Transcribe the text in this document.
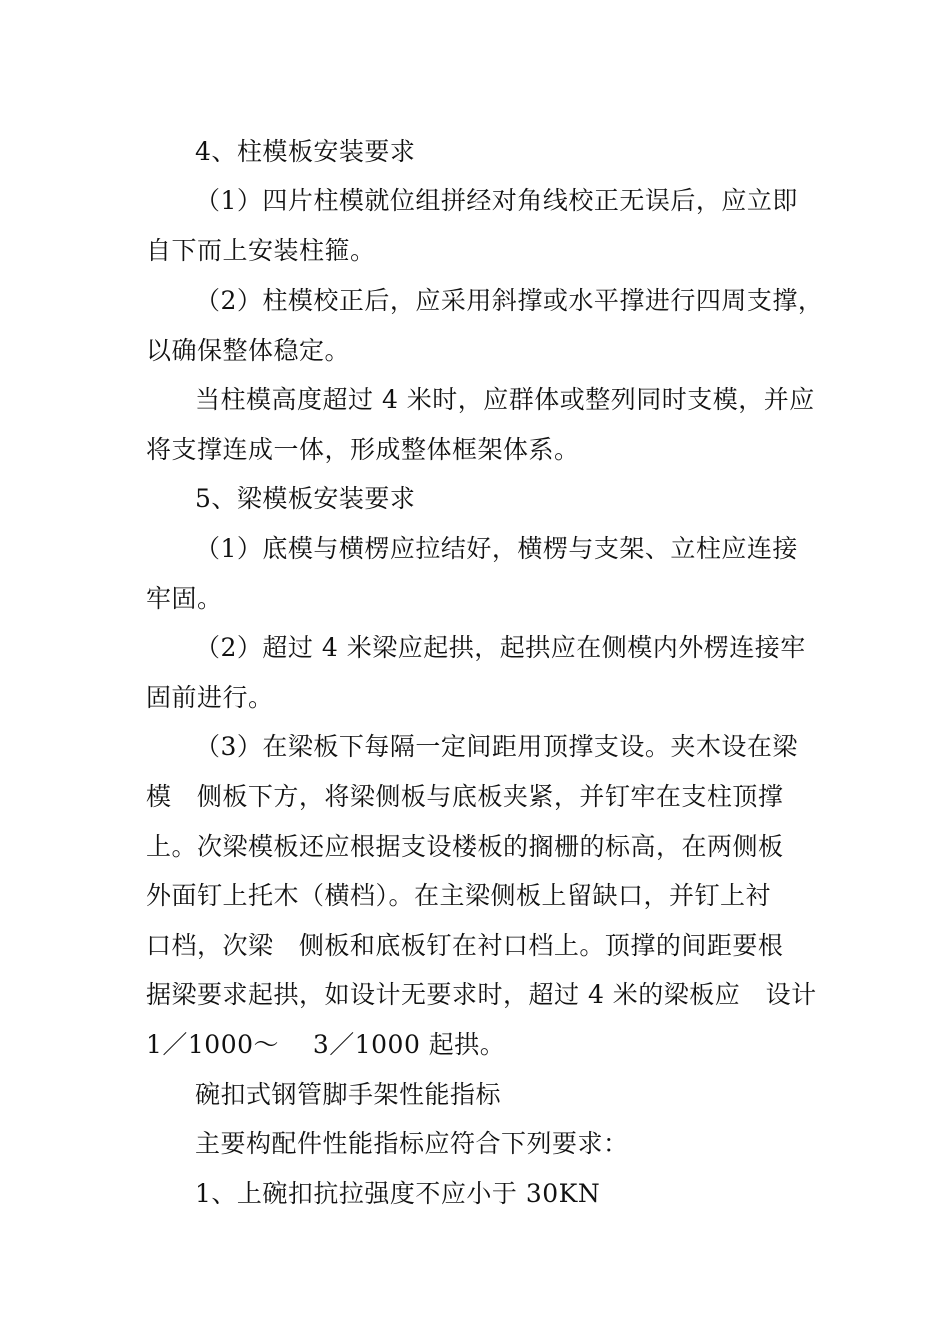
4、柱模板安装要求
（1）四片柱模就位组拼经对角线校正无误后，应立即
自下而上安装柱箍。
（2）柱模校正后，应采用斜撑或水平撑进行四周支撑，
以确保整体稳定。
当柱模高度超过 4 米时，应群体或整列同时支模，并应
将支撑连成一体，形成整体框架体系。
5、梁模板安装要求
（1）底模与横楞应拉结好，横楞与支架、立柱应连接
牢固。
（2）超过 4 米梁应起拱，起拱应在侧模内外楞连接牢
固前进行。
（3）在梁板下每隔一定间距用顶撑支设。夹木设在梁
模   侧板下方，将梁侧板与底板夹紧，并钉牢在支柱顶撑
上。次梁模板还应根据支设楼板的搁栅的标高，在两侧板
外面钉上托木（横档）。在主梁侧板上留缺口，并钉上衬
口档，次梁   侧板和底板钉在衬口档上。顶撑的间距要根
据梁要求起拱，如设计无要求时，超过 4 米的梁板应   设计
1／1000～    3／1000 起拱。
碗扣式钢管脚手架性能指标
主要构配件性能指标应符合下列要求：
1、上碗扣抗拉强度不应小于 30KN
